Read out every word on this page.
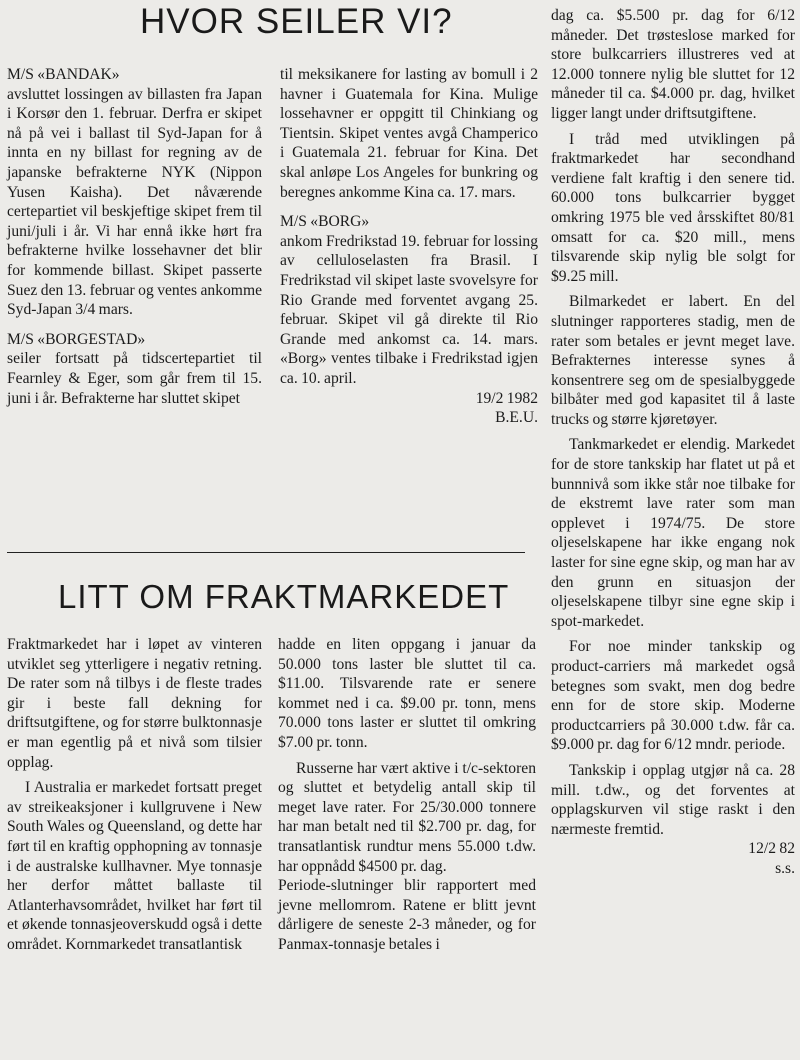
HVOR SEILER VI?

M/S «BANDAK»

avsluttet lossingen av billasten fra Japan i Korsør den 1. februar. Derfra er skipet nå på vei i ballast til Syd-Japan for å innta en ny billast for regning av de japanske befrakterne NYK (Nippon Yusen Kaisha). Det nåværende certepartiet vil beskjeftige skipet frem til juni/juli i år. Vi har ennå ikke hørt fra befrakterne hvilke lossehavner det blir for kommende billast. Skipet passerte Suez den 13. februar og ventes ankomme Syd-Japan 3/4 mars.

M/S «BORGESTAD»

seiler fortsatt på tidscertepartiet til Fearnley & Eger, som går frem til 15. juni i år. Befrakterne har sluttet skipet

til meksikanere for lasting av bomull i 2 havner i Guatemala for Kina. Mulige lossehavner er oppgitt til Chinkiang og Tientsin. Skipet ventes avgå Champerico i Guatemala 21. februar for Kina. Det skal anløpe Los Angeles for bunkring og beregnes ankomme Kina ca. 17. mars.

M/S «BORG»

ankom Fredrikstad 19. februar for lossing av celluloselasten fra Brasil. I Fredrikstad vil skipet laste svovelsyre for Rio Grande med forventet avgang 25. februar. Skipet vil gå direkte til Rio Grande med ankomst ca. 14. mars. «Borg» ventes tilbake i Fredrikstad igjen ca. 10. april.

19/2 1982

B.E.U.

dag ca. $5.500 pr. dag for 6/12 måneder. Det trøsteslose marked for store bulkcarriers illustreres ved at 12.000 tonnere nylig ble sluttet for 12 måneder til ca. $4.000 pr. dag, hvilket ligger langt under driftsutgiftene.

I tråd med utviklingen på fraktmarkedet har secondhand verdiene falt kraftig i den senere tid. 60.000 tons bulkcarrier bygget omkring 1975 ble ved årsskiftet 80/81 omsatt for ca. $20 mill., mens tilsvarende skip nylig ble solgt for $9.25 mill.

Bilmarkedet er labert. En del slutninger rapporteres stadig, men de rater som betales er jevnt meget lave. Befrakternes interesse synes å konsentrere seg om de spesialbyggede bilbåter med god kapasitet til å laste trucks og større kjøretøyer.

Tankmarkedet er elendig. Markedet for de store tankskip har flatet ut på et bunnnivå som ikke står noe tilbake for de ekstremt lave rater som man opplevet i 1974/75. De store oljeselskapene har ikke engang nok laster for sine egne skip, og man har av den grunn en situasjon der oljeselskapene tilbyr sine egne skip i spot-markedet.

For noe minder tankskip og product-carriers må markedet også betegnes som svakt, men dog bedre enn for de store skip. Moderne productcarriers på 30.000 t.dw. får ca. $9.000 pr. dag for 6/12 mndr. periode.

Tankskip i opplag utgjør nå ca. 28 mill. t.dw., og det forventes at opplagskurven vil stige raskt i den nærmeste fremtid.

12/2 82

s.s.

LITT OM FRAKTMARKEDET

Fraktmarkedet har i løpet av vinteren utviklet seg ytterligere i negativ retning. De rater som nå tilbys i de fleste trades gir i beste fall dekning for driftsutgiftene, og for større bulktonnasje er man egentlig på et nivå som tilsier opplag.

I Australia er markedet fortsatt preget av streikeaksjoner i kullgruvene i New South Wales og Queensland, og dette har ført til en kraftig opphopning av tonnasje i de australske kullhavner. Mye tonnasje her derfor måttet ballaste til Atlanterhavsområdet, hvilket har ført til et økende tonnasjeoverskudd også i dette området. Kornmarkedet transatlantisk

hadde en liten oppgang i januar da 50.000 tons laster ble sluttet til ca. $11.00. Tilsvarende rate er senere kommet ned i ca. $9.00 pr. tonn, mens 70.000 tons laster er sluttet til omkring $7.00 pr. tonn.

Russerne har vært aktive i t/c-sektoren og sluttet et betydelig antall skip til meget lave rater. For 25/30.000 tonnere har man betalt ned til $2.700 pr. dag, for transatlantisk rundtur mens 55.000 t.dw. har oppnådd $4500 pr. dag.

Periode-slutninger blir rapportert med jevne mellomrom. Ratene er blitt jevnt dårligere de seneste 2-3 måneder, og for Panmax-tonnasje betales i
